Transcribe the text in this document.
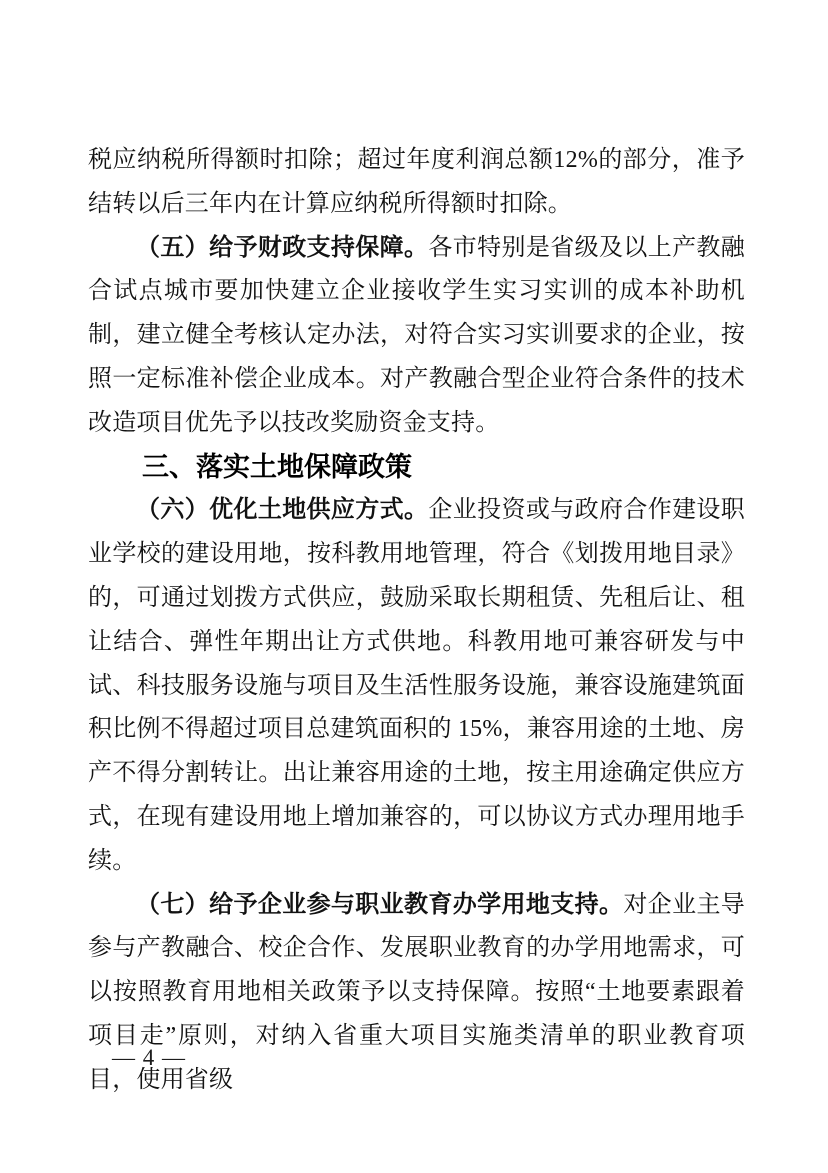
税应纳税所得额时扣除；超过年度利润总额12%的部分，准予结转以后三年内在计算应纳税所得额时扣除。

（五）给予财政支持保障。各市特别是省级及以上产教融合试点城市要加快建立企业接收学生实习实训的成本补助机制，建立健全考核认定办法，对符合实习实训要求的企业，按照一定标准补偿企业成本。对产教融合型企业符合条件的技术改造项目优先予以技改奖励资金支持。

三、落实土地保障政策

（六）优化土地供应方式。企业投资或与政府合作建设职业学校的建设用地，按科教用地管理，符合《划拨用地目录》的，可通过划拨方式供应，鼓励采取长期租赁、先租后让、租让结合、弹性年期出让方式供地。科教用地可兼容研发与中试、科技服务设施与项目及生活性服务设施，兼容设施建筑面积比例不得超过项目总建筑面积的 15%，兼容用途的土地、房产不得分割转让。出让兼容用途的土地，按主用途确定供应方式，在现有建设用地上增加兼容的，可以协议方式办理用地手续。

（七）给予企业参与职业教育办学用地支持。对企业主导参与产教融合、校企合作、发展职业教育的办学用地需求，可以按照教育用地相关政策予以支持保障。按照“土地要素跟着项目走”原则，对纳入省重大项目实施类清单的职业教育项目，使用省级

— 4 —
